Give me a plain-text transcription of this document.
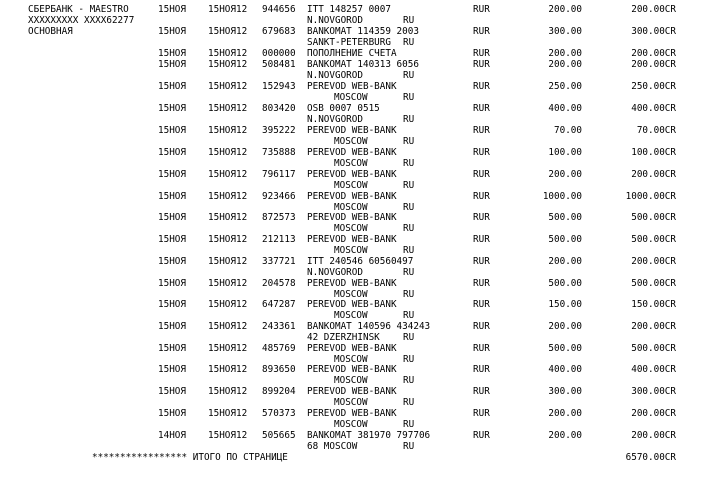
СБЕРБАНК - MAESTRO
XXXXXXXXX XXXX62277
ОСНОВНАЯ
15НОЯ 15НОЯ12 944656 ITT 148257 0007	RUR	200.00	200.00CR
N.NOVGOROD	RU
15НОЯ 15НОЯ12 679683 BANKOMAT 114359 2003	RUR	300.00	300.00CR
SANKT-PETERBURG RU
15НОЯ 15НОЯ12 000000 ПОПОЛНЕНИЕ СЧЕТА	RUR	200.00	200.00CR
15НОЯ 15НОЯ12 508481 BANKOMAT 140313 6056	RUR	200.00	200.00CR
N.NOVGOROD	RU
15НОЯ 15НОЯ12 152943 PEREVOD WEB-BANK	RUR	250.00	250.00CR
MOSCOW	RU
15НОЯ 15НОЯ12 803420 OSB 0007 0515	RUR	400.00	400.00CR
N.NOVGOROD	RU
15НОЯ 15НОЯ12 395222 PEREVOD WEB-BANK	RUR	70.00	70.00CR
MOSCOW	RU
15НОЯ 15НОЯ12 735888 PEREVOD WEB-BANK	RUR	100.00	100.00CR
MOSCOW	RU
15НОЯ 15НОЯ12 796117 PEREVOD WEB-BANK	RUR	200.00	200.00CR
MOSCOW	RU
15НОЯ 15НОЯ12 923466 PEREVOD WEB-BANK	RUR	1000.00	1000.00CR
MOSCOW	RU
15НОЯ 15НОЯ12 872573 PEREVOD WEB-BANK	RUR	500.00	500.00CR
MOSCOW	RU
15НОЯ 15НОЯ12 212113 PEREVOD WEB-BANK	RUR	500.00	500.00CR
MOSCOW	RU
15НОЯ 15НОЯ12 337721 ITT 240546 60560497	RUR	200.00	200.00CR
N.NOVGOROD	RU
15НОЯ 15НОЯ12 204578 PEREVOD WEB-BANK	RUR	500.00	500.00CR
MOSCOW	RU
15НОЯ 15НОЯ12 647287 PEREVOD WEB-BANK	RUR	150.00	150.00CR
MOSCOW	RU
15НОЯ 15НОЯ12 243361 BANKOMAT 140596 434243	RUR	200.00	200.00CR
42 DZERZHINSK RU
15НОЯ 15НОЯ12 485769 PEREVOD WEB-BANK	RUR	500.00	500.00CR
MOSCOW	RU
15НОЯ 15НОЯ12 893650 PEREVOD WEB-BANK	RUR	400.00	400.00CR
MOSCOW	RU
15НОЯ 15НОЯ12 899204 PEREVOD WEB-BANK	RUR	300.00	300.00CR
MOSCOW	RU
15НОЯ 15НОЯ12 570373 PEREVOD WEB-BANK	RUR	200.00	200.00CR
MOSCOW	RU
14НОЯ 15НОЯ12 505665 BANKOMAT 381970 797706	RUR	200.00	200.00CR
68 MOSCOW	RU
***************** ИТОГО ПО СТРАНИЦЕ	6570.00CR
